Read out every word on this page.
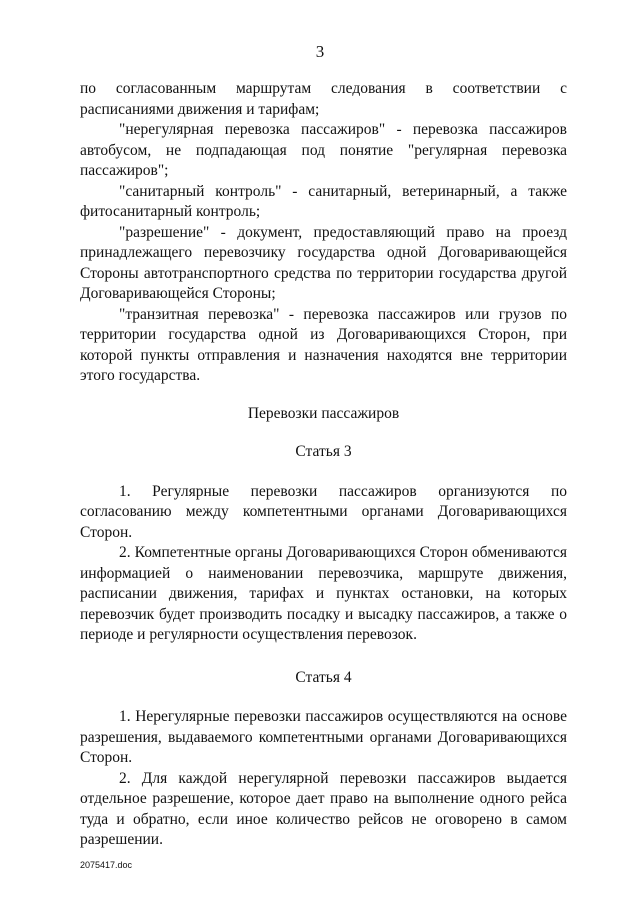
3

по согласованным маршрутам следования в соответствии с расписаниями движения и тарифам;

"нерегулярная перевозка пассажиров" - перевозка пассажиров автобусом, не подпадающая под понятие "регулярная перевозка пассажиров";

"санитарный контроль" - санитарный, ветеринарный, а также фитосанитарный контроль;

"разрешение" - документ, предоставляющий право на проезд принадлежащего перевозчику государства одной Договаривающейся Стороны автотранспортного средства по территории государства другой Договаривающейся Стороны;

"транзитная перевозка" - перевозка пассажиров или грузов по территории государства одной из Договаривающихся Сторон, при которой пункты отправления и назначения находятся вне территории этого государства.

Перевозки пассажиров

Статья 3

1. Регулярные перевозки пассажиров организуются по согласованию между компетентными органами Договаривающихся Сторон.

2. Компетентные органы Договаривающихся Сторон обмениваются информацией о наименовании перевозчика, маршруте движения, расписании движения, тарифах и пунктах остановки, на которых перевозчик будет производить посадку и высадку пассажиров, а также о периоде и регулярности осуществления перевозок.

Статья 4

1. Нерегулярные перевозки пассажиров осуществляются на основе разрешения, выдаваемого компетентными органами Договаривающихся Сторон.

2. Для каждой нерегулярной перевозки пассажиров выдается отдельное разрешение, которое дает право на выполнение одного рейса туда и обратно, если иное количество рейсов не оговорено в самом разрешении.

2075417.doc
